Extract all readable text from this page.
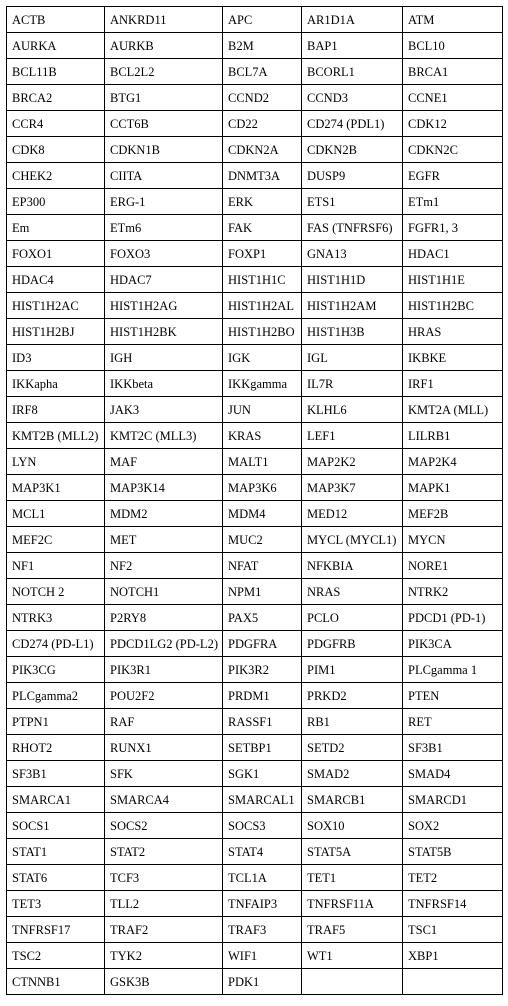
ACTB	ANKRD11	APC	AR1D1A	ATM
AURKA	AURKB	B2M	BAP1	BCL10
BCL11B	BCL2L2	BCL7A	BCORL1	BRCA1
BRCA2	BTG1	CCND2	CCND3	CCNE1
CCR4	CCT6B	CD22	CD274 (PDL1)	CDK12
CDK8	CDKN1B	CDKN2A	CDKN2B	CDKN2C
CHEK2	CIITA	DNMT3A	DUSP9	EGFR
EP300	ERG-1	ERK	ETS1	ETm1
Em	ETm6	FAK	FAS (TNFRSF6)	FGFR1, 3
FOXO1	FOXO3	FOXP1	GNA13	HDAC1
HDAC4	HDAC7	HIST1H1C	HIST1H1D	HIST1H1E
HIST1H2AC	HIST1H2AG	HIST1H2AL	HIST1H2AM	HIST1H2BC
HIST1H2BJ	HIST1H2BK	HIST1H2BO	HIST1H3B	HRAS
ID3	IGH	IGK	IGL	IKBKE
IKKapha	IKKbeta	IKKgamma	IL7R	IRF1
IRF8	JAK3	JUN	KLHL6	KMT2A (MLL)
KMT2B (MLL2)	KMT2C (MLL3)	KRAS	LEF1	LILRB1
LYN	MAF	MALT1	MAP2K2	MAP2K4
MAP3K1	MAP3K14	MAP3K6	MAP3K7	MAPK1
MCL1	MDM2	MDM4	MED12	MEF2B
MEF2C	MET	MUC2	MYCL (MYCL1)	MYCN
NF1	NF2	NFAT	NFKBIA	NORE1
NOTCH 2	NOTCH1	NPM1	NRAS	NTRK2
NTRK3	P2RY8	PAX5	PCLO	PDCD1 (PD-1)
CD274 (PD-L1)	PDCD1LG2 (PD-L2)	PDGFRA	PDGFRB	PIK3CA
PIK3CG	PIK3R1	PIK3R2	PIM1	PLCgamma 1
PLCgamma2	POU2F2	PRDM1	PRKD2	PTEN
PTPN1	RAF	RASSF1	RB1	RET
RHOT2	RUNX1	SETBP1	SETD2	SF3B1
SF3B1	SFK	SGK1	SMAD2	SMAD4
SMARCA1	SMARCA4	SMARCAL1	SMARCB1	SMARCD1
SOCS1	SOCS2	SOCS3	SOX10	SOX2
STAT1	STAT2	STAT4	STAT5A	STAT5B
STAT6	TCF3	TCL1A	TET1	TET2
TET3	TLL2	TNFAIP3	TNFRSF11A	TNFRSF14
TNFRSF17	TRAF2	TRAF3	TRAF5	TSC1
TSC2	TYK2	WIF1	WT1	XBP1
CTNNB1	GSK3B	PDK1		
